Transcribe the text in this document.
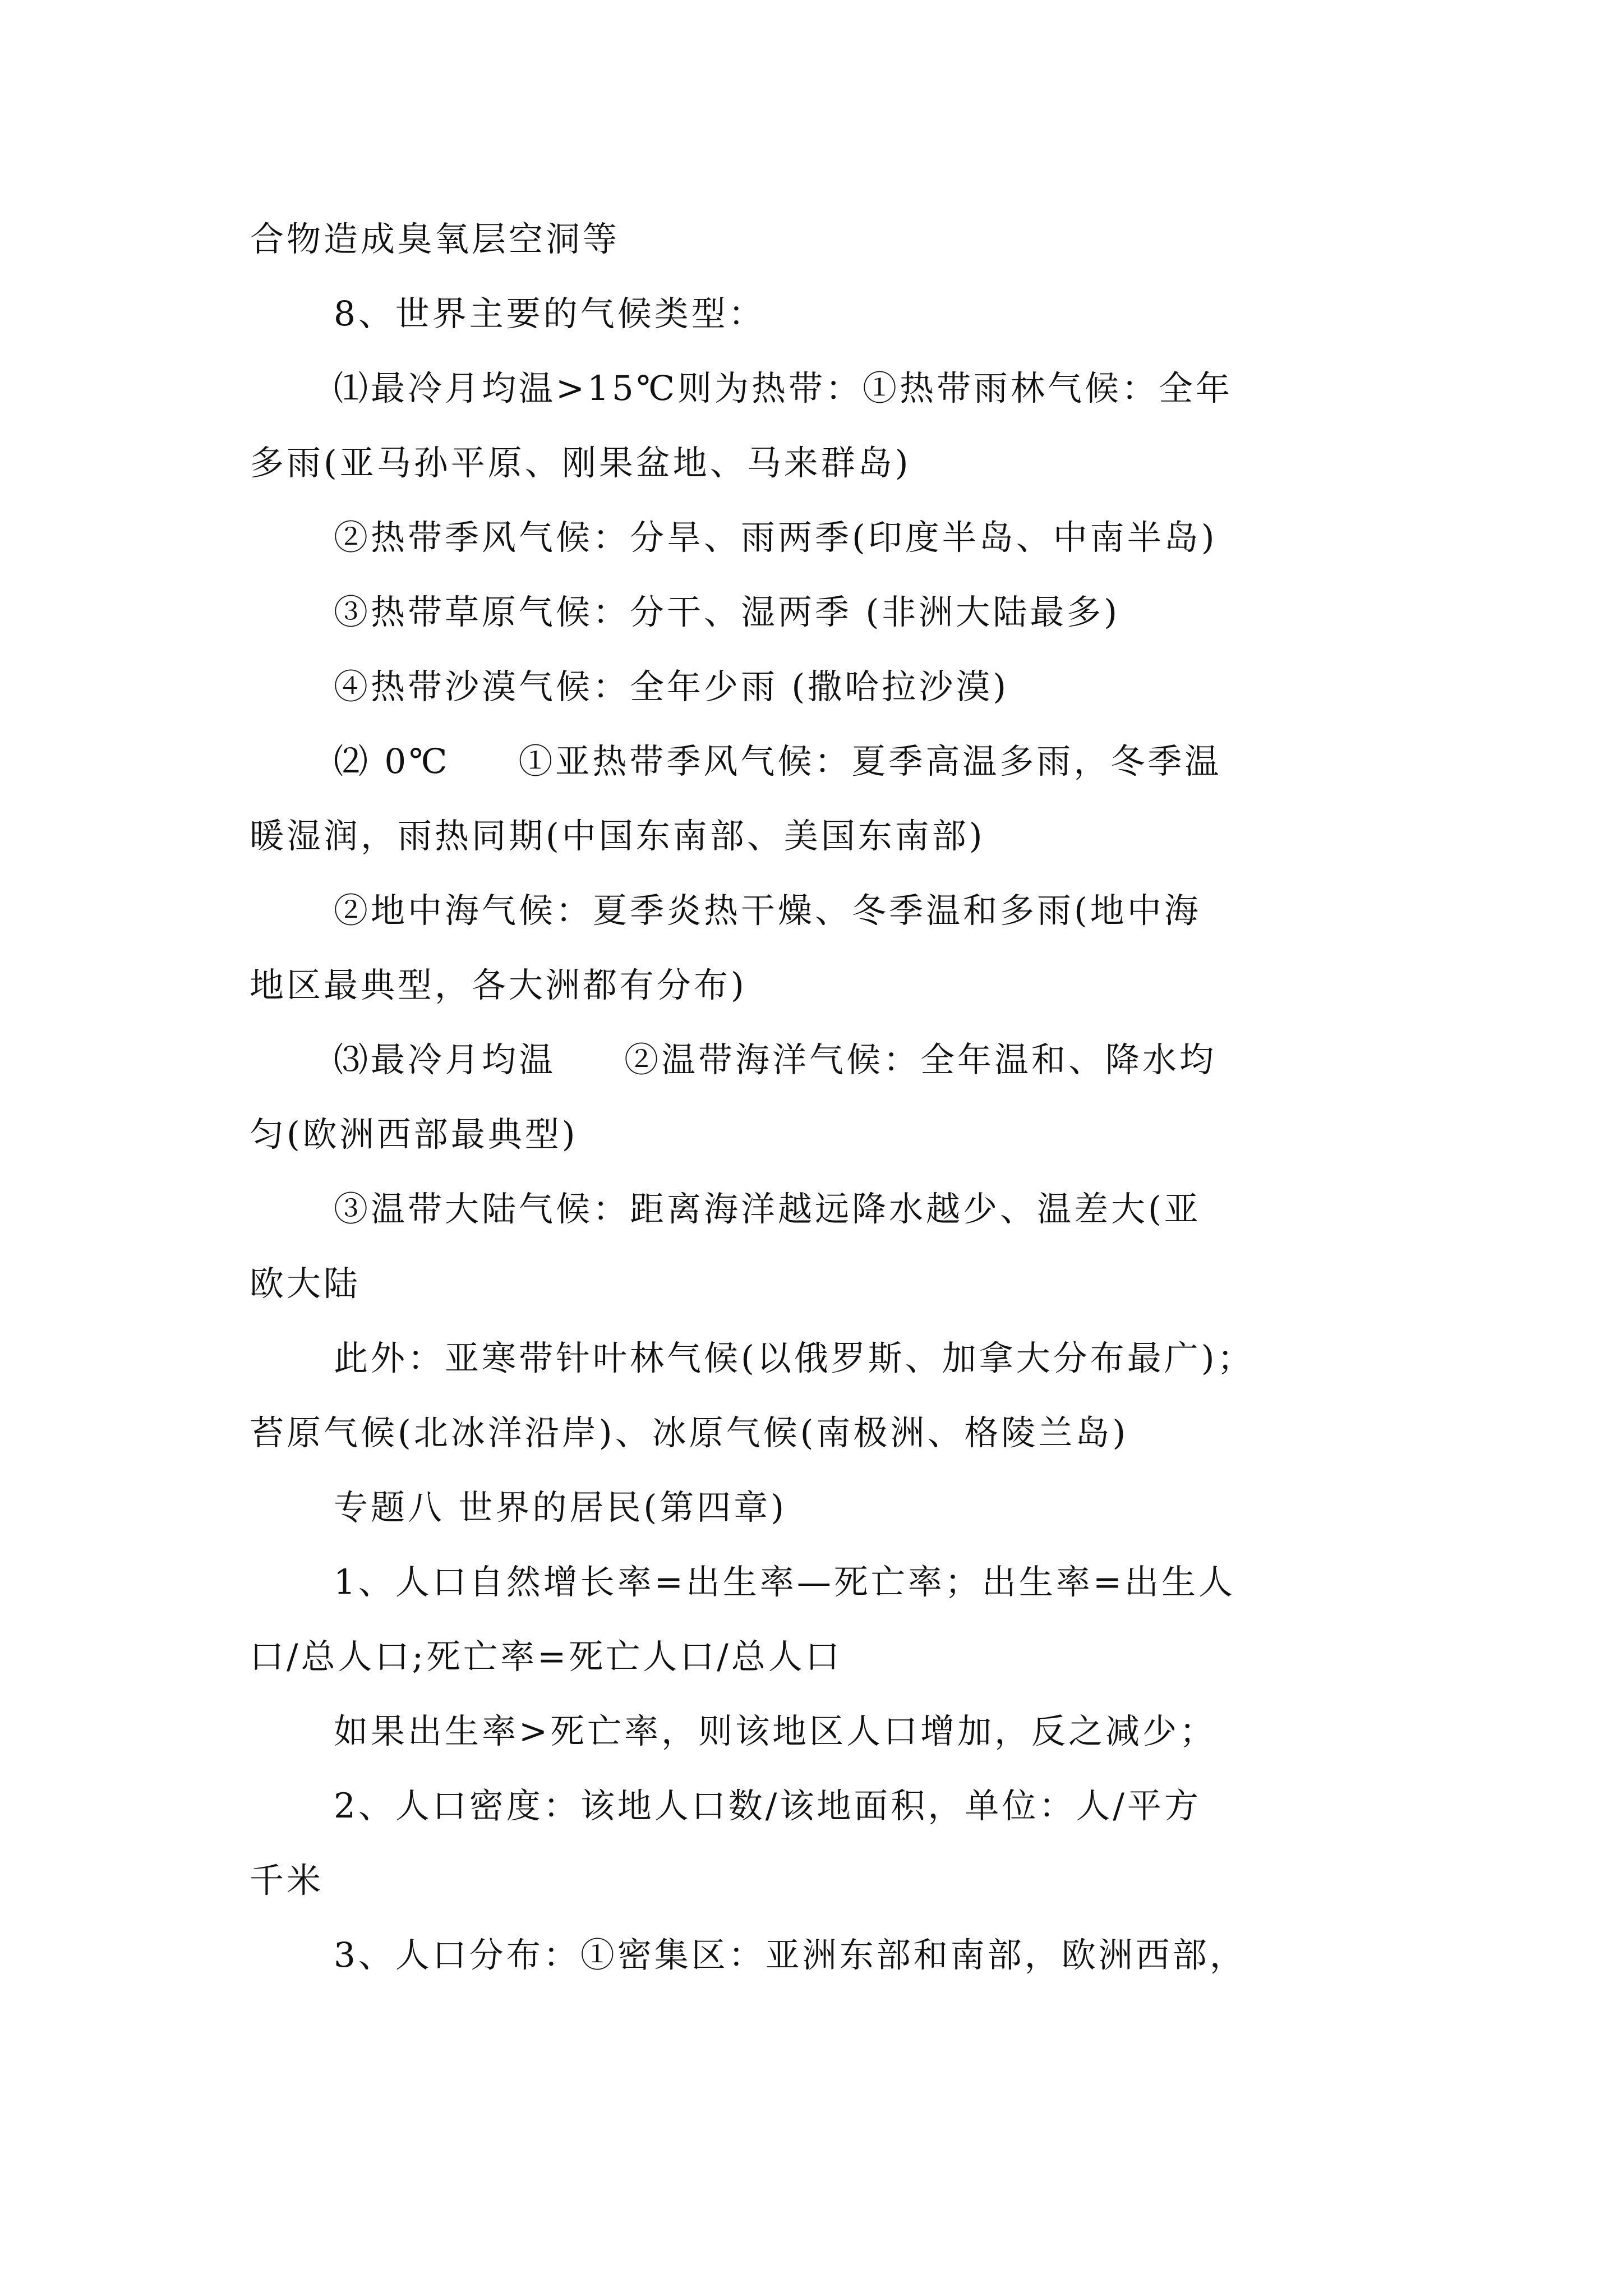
合物造成臭氧层空洞等

8、世界主要的气候类型：

⑴最冷月均温>15℃则为热带：①热带雨林气候：全年

多雨(亚马孙平原、刚果盆地、马来群岛)

②热带季风气候：分旱、雨两季(印度半岛、中南半岛)

③热带草原气候：分干、湿两季 (非洲大陆最多)

④热带沙漠气候：全年少雨 (撒哈拉沙漠)

⑵ 0℃     ①亚热带季风气候：夏季高温多雨，冬季温

暖湿润，雨热同期(中国东南部、美国东南部)

②地中海气候：夏季炎热干燥、冬季温和多雨(地中海

地区最典型，各大洲都有分布)

⑶最冷月均温     ②温带海洋气候：全年温和、降水均

匀(欧洲西部最典型)

③温带大陆气候：距离海洋越远降水越少、温差大(亚

欧大陆

此外：亚寒带针叶林气候(以俄罗斯、加拿大分布最广)；

苔原气候(北冰洋沿岸)、冰原气候(南极洲、格陵兰岛)

专题八 世界的居民(第四章)

1、人口自然增长率=出生率—死亡率；出生率=出生人

口/总人口;死亡率=死亡人口/总人口

如果出生率>死亡率，则该地区人口增加，反之减少；

2、人口密度：该地人口数/该地面积，单位：人/平方

千米

3、人口分布：①密集区：亚洲东部和南部，欧洲西部，
